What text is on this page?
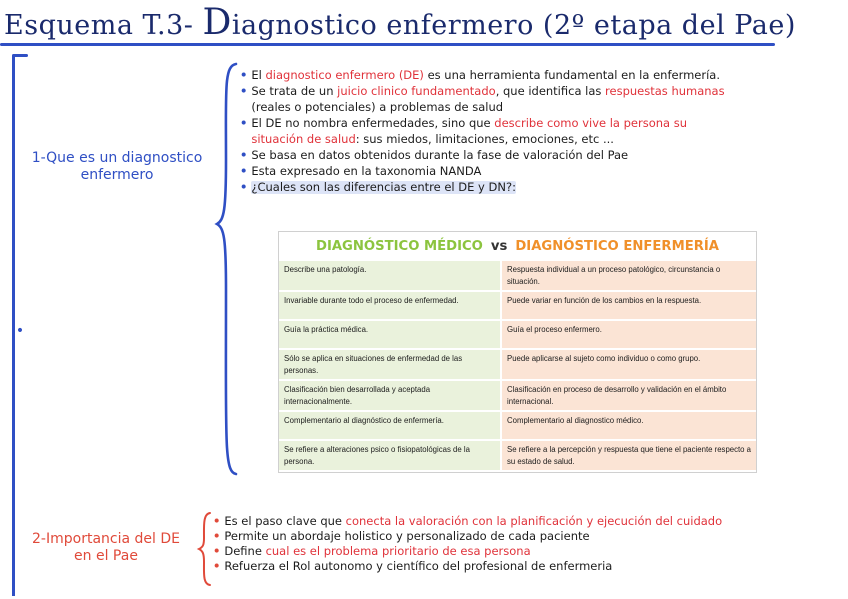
Esquema T.3- Diagnostico enfermero (2º etapa del Pae)
1-Que es un diagnostico
enfermero
•
• El diagnostico enfermero (DE) es una herramienta fundamental en la enfermería.
• Se trata de un juicio clinico fundamentado, que identifica las respuestas humanas
(reales o potenciales) a problemas de salud
• El DE no nombra enfermedades, sino que describe como vive la persona su
situación de salud: sus miedos, limitaciones, emociones, etc ...
• Se basa en datos obtenidos durante la fase de valoración del Pae
• Esta expresado en la taxonomia NANDA
• ¿Cuales son las diferencias entre el DE y DN?:
DIAGNÓSTICO MÉDICO vs DIAGNÓSTICO ENFERMERÍA
Describe una patología.	Respuesta individual a un proceso patológico, circunstancia o situación.
Invariable durante todo el proceso de enfermedad.	Puede variar en función de los cambios en la respuesta.
Guía la práctica médica.	Guía el proceso enfermero.
Sólo se aplica en situaciones de enfermedad de las personas.	Puede aplicarse al sujeto como individuo o como grupo.
Clasificación bien desarrollada y aceptada internacionalmente.	Clasificación en proceso de desarrollo y validación en el ámbito internacional.
Complementario al diagnóstico de enfermería.	Complementario al diagnostico médico.
Se refiere a alteraciones psico o fisiopatológicas de la persona.	Se refiere a la percepción y respuesta que tiene el paciente respecto a su estado de salud.
2-Importancia del DE
en el Pae
• Es el paso clave que conecta la valoración con la planificación y ejecución del cuidado
• Permite un abordaje holistico y personalizado de cada paciente
• Define cual es el problema prioritario de esa persona
• Refuerza el Rol autonomo y científico del profesional de enfermeria
